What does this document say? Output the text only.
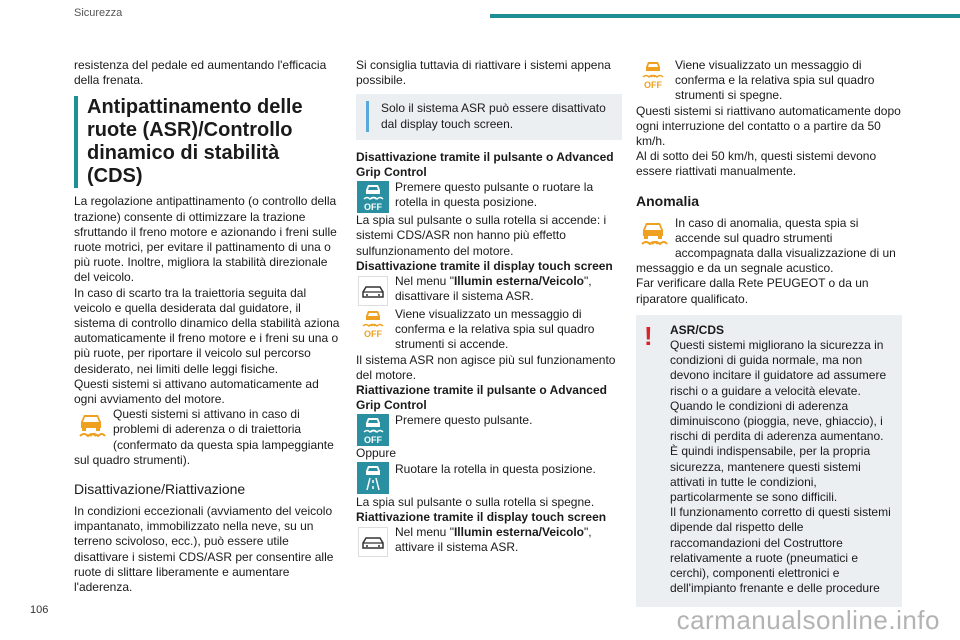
Sicurezza

resistenza del pedale ed aumentando l'efficacia della frenata.

Antipattinamento delle ruote (ASR)/Controllo dinamico di stabilità (CDS)

La regolazione antipattinamento (o controllo della trazione) consente di ottimizzare la trazione sfruttando il freno motore e azionando i freni sulle ruote motrici, per evitare il pattinamento di una o più ruote. Inoltre, migliora la stabilità direzionale del veicolo.

In caso di scarto tra la traiettoria seguita dal veicolo e quella desiderata dal guidatore, il sistema di controllo dinamico della stabilità aziona automaticamente il freno motore e i freni su una o più ruote, per riportare il veicolo sul percorso desiderato, nei limiti delle leggi fisiche.

Questi sistemi si attivano automaticamente ad ogni avviamento del motore.

Questi sistemi si attivano in caso di problemi di aderenza o di traiettoria (confermato da questa spia lampeggiante sul quadro strumenti).
Disattivazione/Riattivazione

In condizioni eccezionali (avviamento del veicolo impantanato, immobilizzato nella neve, su un terreno scivoloso, ecc.), può essere utile disattivare i sistemi CDS/ASR per consentire alle ruote di slittare liberamente e aumentare l'aderenza.

Si consiglia tuttavia di riattivare i sistemi appena possibile.

Solo il sistema ASR può essere disattivato dal display touch screen.

Disattivazione tramite il pulsante o Advanced Grip Control

OFF
Premere questo pulsante o ruotare la rotella in questa posizione.

La spia sul pulsante o sulla rotella si accende: i sistemi CDS/ASR non hanno più effetto sulfunzionamento del motore.

Disattivazione tramite il display touch screen

Nel menu "Illumin esterna/Veicolo", disattivare il sistema ASR.
OFF
Viene visualizzato un messaggio di conferma e la relativa spia sul quadro strumenti si accende.

Il sistema ASR non agisce più sul funzionamento del motore.

Riattivazione tramite il pulsante o Advanced Grip Control

OFF
Premere questo pulsante.

Oppure

Ruotare la rotella in questa posizione.

La spia sul pulsante o sulla rotella si spegne.

Riattivazione tramite il display touch screen

Nel menu "Illumin esterna/Veicolo", attivare il sistema ASR.
OFF
Viene visualizzato un messaggio di conferma e la relativa spia sul quadro strumenti si spegne.

Questi sistemi si riattivano automaticamente dopo ogni interruzione del contatto o a partire da 50 km/h.

Al di sotto dei 50 km/h, questi sistemi devono essere riattivati manualmente.

Anomalia
In caso di anomalia, questa spia si accende sul quadro strumenti accompagnata dalla visualizzazione di un messaggio e da un segnale acustico.

Far verificare dalla Rete PEUGEOT o da un riparatore qualificato.

!	ASR/CDS

Questi sistemi migliorano la sicurezza in condizioni di guida normale, ma non devono incitare il guidatore ad assumere rischi o a guidare a velocità elevate.

Quando le condizioni di aderenza diminuiscono (pioggia, neve, ghiaccio), i rischi di perdita di aderenza aumentano. È quindi indispensabile, per la propria sicurezza, mantenere questi sistemi attivati in tutte le condizioni, particolarmente se sono difficili.

Il funzionamento corretto di questi sistemi dipende dal rispetto delle raccomandazioni del Costruttore relativamente a ruote (pneumatici e cerchi), componenti elettronici e dell'impianto frenante e delle procedure

106	carmanualsonline.info
